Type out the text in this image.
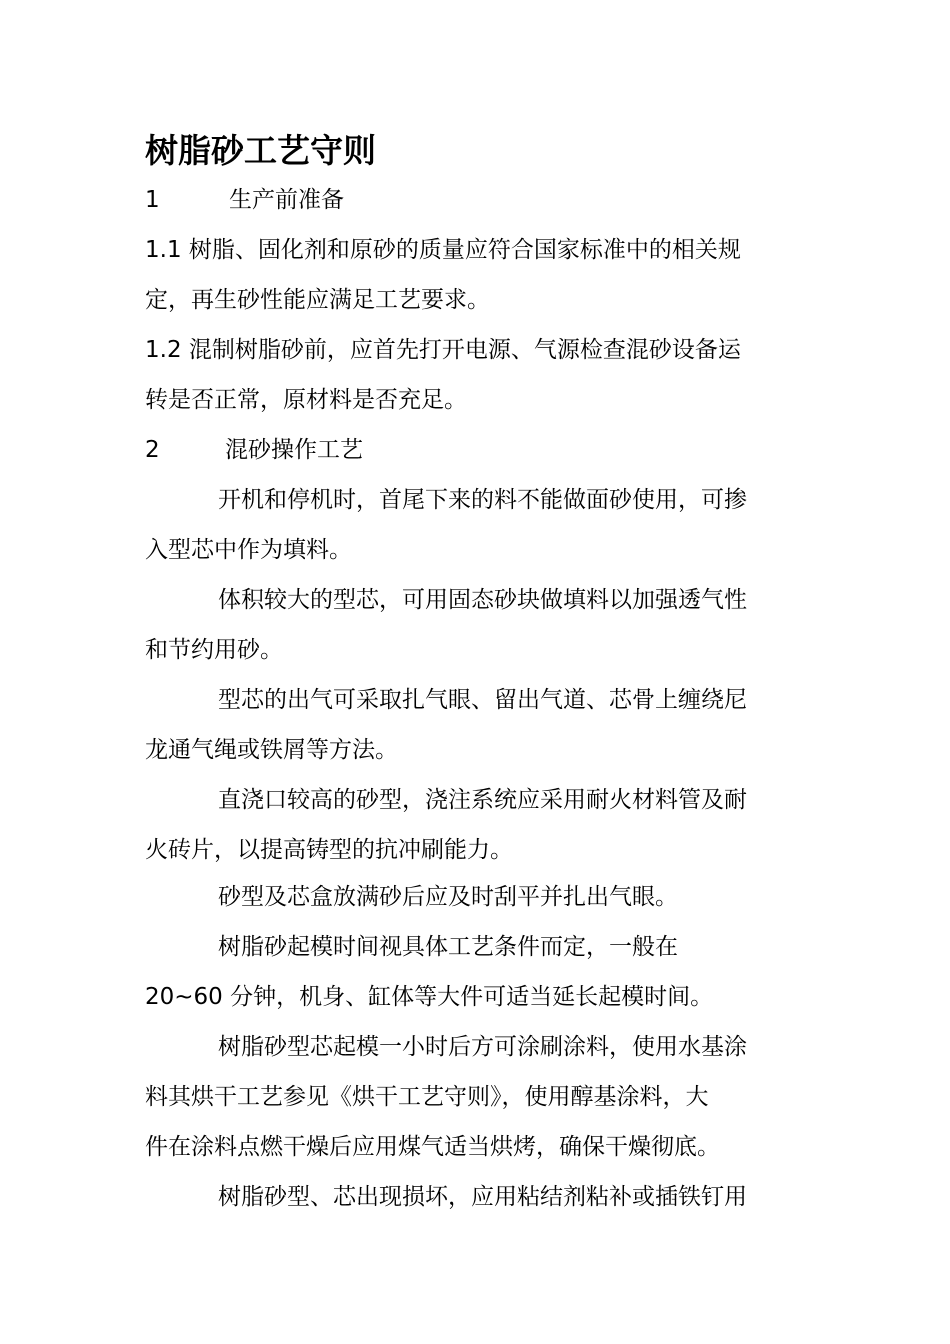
树脂砂工艺守则

1	生产前准备

1.1 树脂、固化剂和原砂的质量应符合国家标准中的相关规

定，再生砂性能应满足工艺要求。

1.2 混制树脂砂前，应首先打开电源、气源检查混砂设备运

转是否正常，原材料是否充足。

2	混砂操作工艺

开机和停机时，首尾下来的料不能做面砂使用，可掺

入型芯中作为填料。

体积较大的型芯，可用固态砂块做填料以加强透气性

和节约用砂。

型芯的出气可采取扎气眼、留出气道、芯骨上缠绕尼

龙通气绳或铁屑等方法。

直浇口较高的砂型，浇注系统应采用耐火材料管及耐

火砖片，以提高铸型的抗冲刷能力。

砂型及芯盒放满砂后应及时刮平并扎出气眼。

树脂砂起模时间视具体工艺条件而定，一般在

20~60 分钟，机身、缸体等大件可适当延长起模时间。

树脂砂型芯起模一小时后方可涂刷涂料，使用水基涂

料其烘干工艺参见《烘干工艺守则》，使用醇基涂料，大

件在涂料点燃干燥后应用煤气适当烘烤，确保干燥彻底。

树脂砂型、芯出现损坏，应用粘结剂粘补或插铁钉用
